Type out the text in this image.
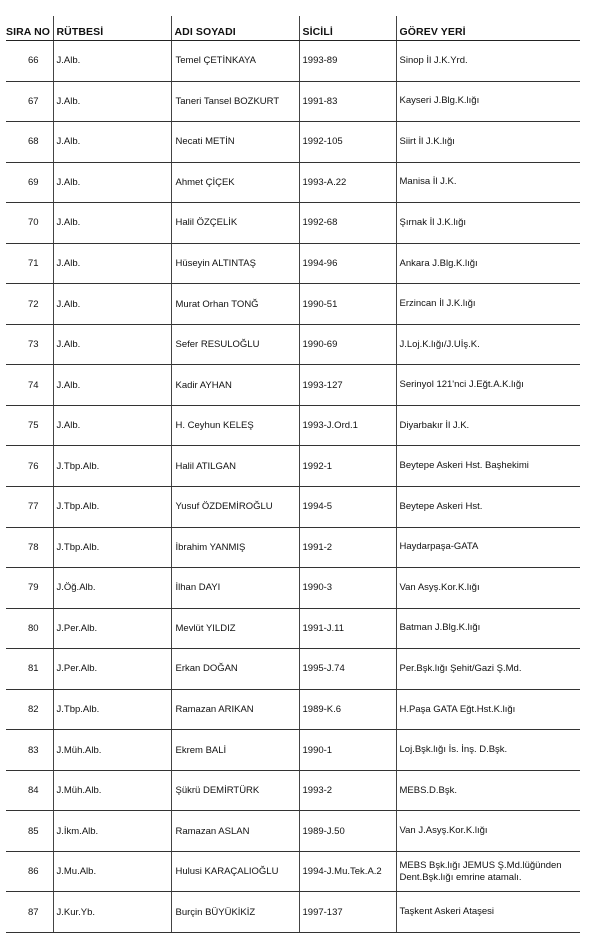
SIRA NO	RÜTBESİ	ADI SOYADI	SİCİLİ	GÖREV YERİ
66	J.Alb.	Temel ÇETİNKAYA	1993-89	Sinop İl J.K.Yrd.
67	J.Alb.	Taneri Tansel BOZKURT	1991-83	Kayseri J.Blg.K.lığı
68	J.Alb.	Necati METİN	1992-105	Siirt İl J.K.lığı
69	J.Alb.	Ahmet ÇİÇEK	1993-A.22	Manisa İl J.K.
70	J.Alb.	Halil ÖZÇELİK	1992-68	Şırnak İl J.K.lığı
71	J.Alb.	Hüseyin ALTINTAŞ	1994-96	Ankara J.Blg.K.lığı
72	J.Alb.	Murat Orhan TONĞ	1990-51	Erzincan İl J.K.lığı
73	J.Alb.	Sefer RESULOĞLU	1990-69	J.Loj.K.lığı/J.Uİş.K.
74	J.Alb.	Kadir AYHAN	1993-127	Serinyol 121'nci J.Eğt.A.K.lığı
75	J.Alb.	H. Ceyhun KELEŞ	1993-J.Ord.1	Diyarbakır İl J.K.
76	J.Tbp.Alb.	Halil ATILGAN	1992-1	Beytepe Askeri Hst. Başhekimi
77	J.Tbp.Alb.	Yusuf ÖZDEMİROĞLU	1994-5	Beytepe Askeri Hst.
78	J.Tbp.Alb.	İbrahim YANMIŞ	1991-2	Haydarpaşa-GATA
79	J.Öğ.Alb.	İlhan DAYI	1990-3	Van Asyş.Kor.K.lığı
80	J.Per.Alb.	Mevlüt YILDIZ	1991-J.11	Batman J.Blg.K.lığı
81	J.Per.Alb.	Erkan DOĞAN	1995-J.74	Per.Bşk.lığı Şehit/Gazi Ş.Md.
82	J.Tbp.Alb.	Ramazan ARIKAN	1989-K.6	H.Paşa GATA Eğt.Hst.K.lığı
83	J.Müh.Alb.	Ekrem BALİ	1990-1	Loj.Bşk.lığı İs. İnş. D.Bşk.
84	J.Müh.Alb.	Şükrü DEMİRTÜRK	1993-2	MEBS.D.Bşk.
85	J.İkm.Alb.	Ramazan ASLAN	1989-J.50	Van J.Asyş.Kor.K.lığı
86	J.Mu.Alb.	Hulusi KARAÇALIOĞLU	1994-J.Mu.Tek.A.2	MEBS Bşk.lığı JEMUS Ş.Md.lüğünden Dent.Bşk.lığı emrine atamalı.
87	J.Kur.Yb.	Burçin BÜYÜKİKİZ	1997-137	Taşkent Askeri Ataşesi
